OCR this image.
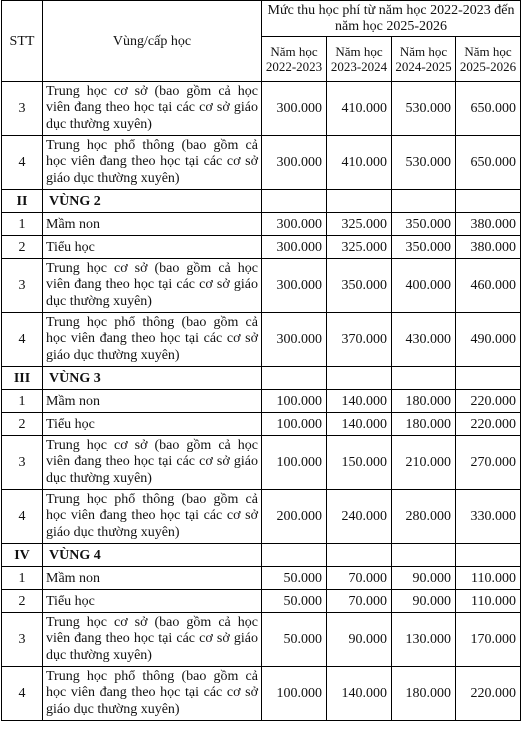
STT	Vùng/cấp học	Mức thu học phí từ năm học 2022-2023 đến năm học 2025-2026			
		Năm học 2022-2023	Năm học 2023-2024	Năm học 2024-2025	Năm học 2025-2026
3	Trung học cơ sở (bao gồm cả học viên đang theo học tại các cơ sở giáo dục thường xuyên)	300.000	410.000	530.000	650.000
4	Trung học phổ thông (bao gồm cả học viên đang theo học tại các cơ sở giáo dục thường xuyên)	300.000	410.000	530.000	650.000
II	VÙNG 2				
1	Mầm non	300.000	325.000	350.000	380.000
2	Tiểu học	300.000	325.000	350.000	380.000
3	Trung học cơ sở (bao gồm cả học viên đang theo học tại các cơ sở giáo dục thường xuyên)	300.000	350.000	400.000	460.000
4	Trung học phổ thông (bao gồm cả học viên đang theo học tại các cơ sở giáo dục thường xuyên)	300.000	370.000	430.000	490.000
III	VÙNG 3				
1	Mầm non	100.000	140.000	180.000	220.000
2	Tiểu học	100.000	140.000	180.000	220.000
3	Trung học cơ sở (bao gồm cả học viên đang theo học tại các cơ sở giáo dục thường xuyên)	100.000	150.000	210.000	270.000
4	Trung học phổ thông (bao gồm cả học viên đang theo học tại các cơ sở giáo dục thường xuyên)	200.000	240.000	280.000	330.000
IV	VÙNG 4				
1	Mầm non	50.000	70.000	90.000	110.000
2	Tiểu học	50.000	70.000	90.000	110.000
3	Trung học cơ sở (bao gồm cả học viên đang theo học tại các cơ sở giáo dục thường xuyên)	50.000	90.000	130.000	170.000
4	Trung học phổ thông (bao gồm cả học viên đang theo học tại các cơ sở giáo dục thường xuyên)	100.000	140.000	180.000	220.000
